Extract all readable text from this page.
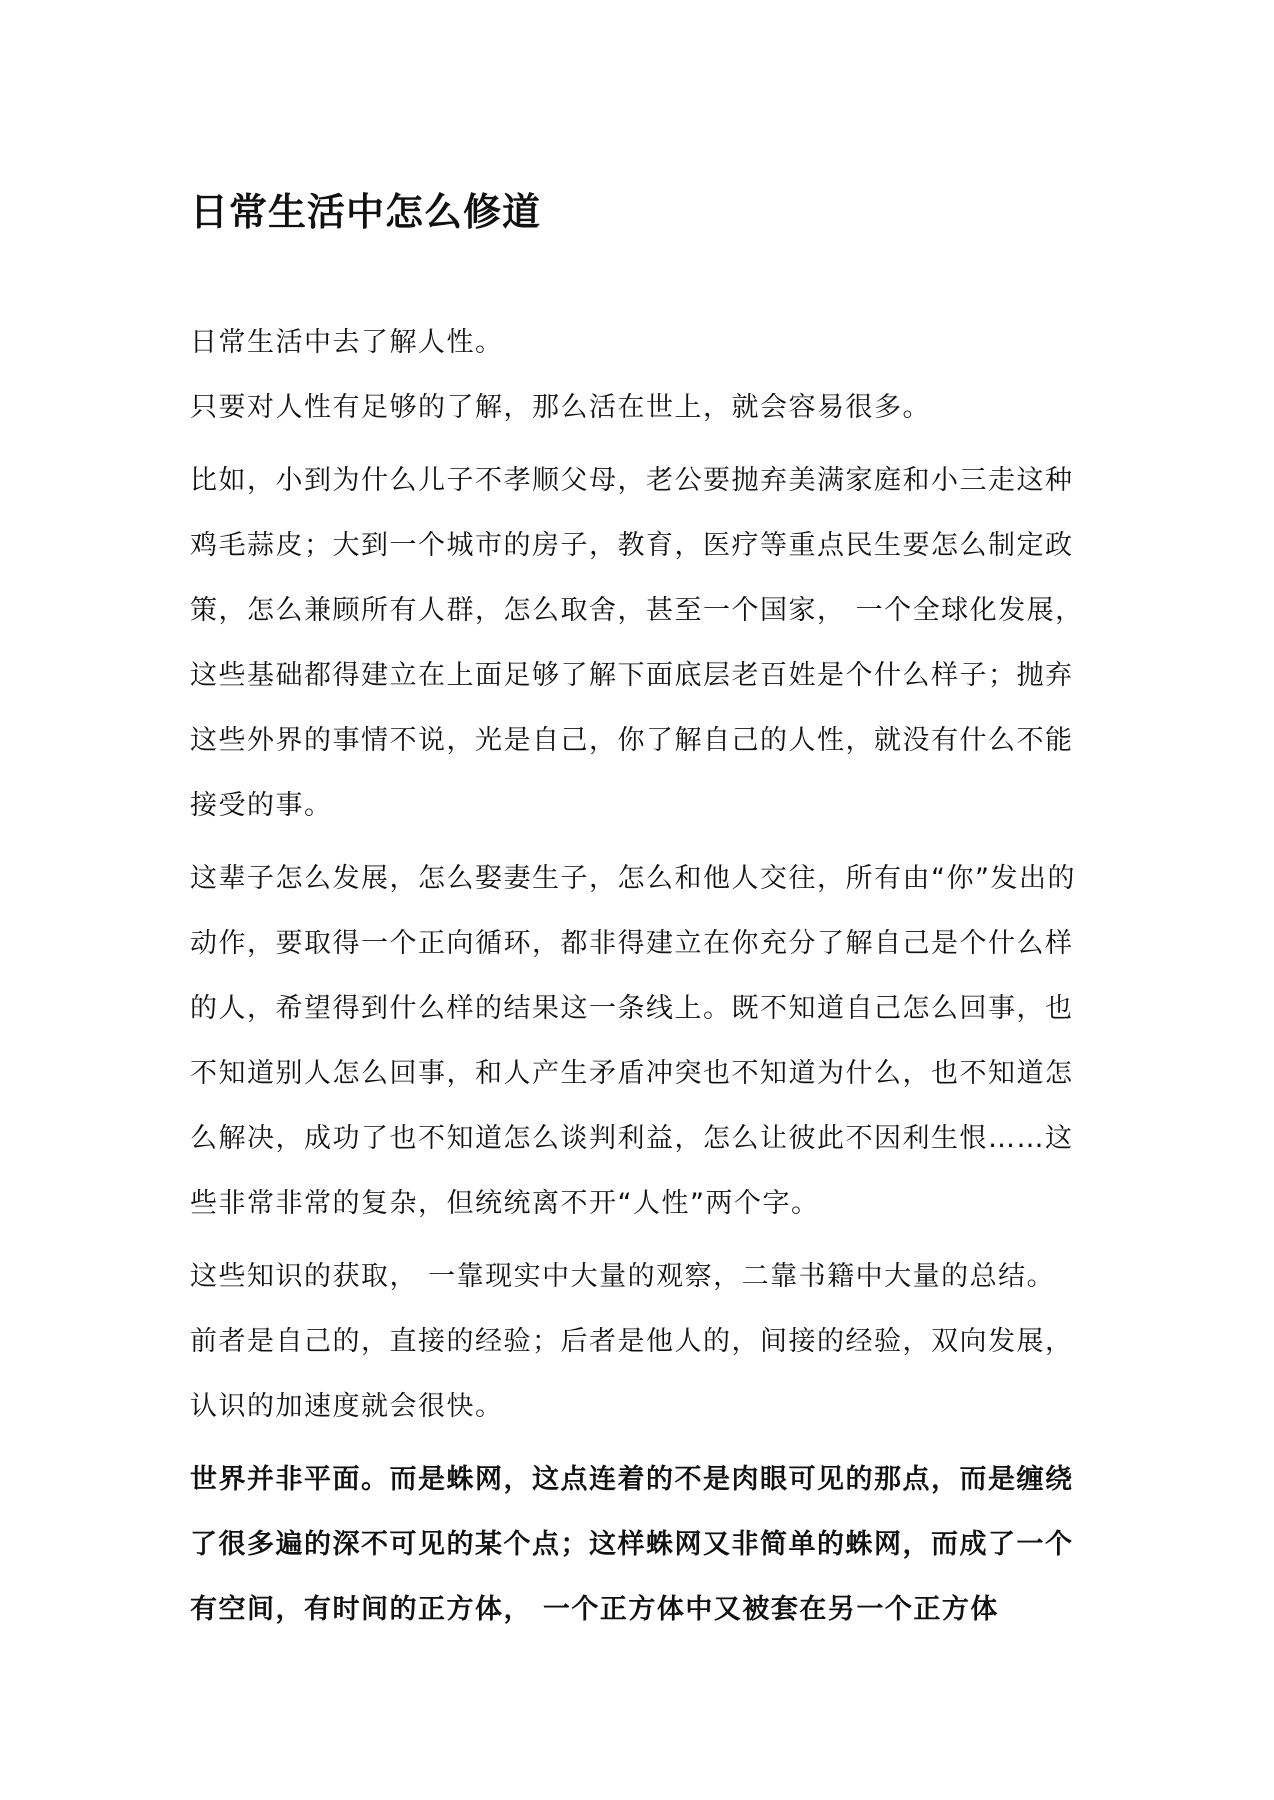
日常生活中怎么修道

日常生活中去了解人性。

只要对人性有足够的了解，那么活在世上，就会容易很多。

比如，小到为什么儿子不孝顺父母，老公要抛弃美满家庭和小三走这种鸡毛蒜皮；大到一个城市的房子，教育，医疗等重点民生要怎么制定政策，怎么兼顾所有人群，怎么取舍，甚至一个国家， 一个全球化发展，这些基础都得建立在上面足够了解下面底层老百姓是个什么样子；抛弃这些外界的事情不说，光是自己，你了解自己的人性，就没有什么不能接受的事。

这辈子怎么发展，怎么娶妻生子，怎么和他人交往，所有由“你”发出的动作，要取得一个正向循环，都非得建立在你充分了解自己是个什么样的人，希望得到什么样的结果这一条线上。既不知道自己怎么回事，也不知道别人怎么回事，和人产生矛盾冲突也不知道为什么，也不知道怎么解决，成功了也不知道怎么谈判利益，怎么让彼此不因利生恨……这些非常非常的复杂，但统统离不开“人性”两个字。

这些知识的获取， 一靠现实中大量的观察，二靠书籍中大量的总结。

前者是自己的，直接的经验；后者是他人的，间接的经验，双向发展，认识的加速度就会很快。

世界并非平面。而是蛛网，这点连着的不是肉眼可见的那点，而是缠绕了很多遍的深不可见的某个点；这样蛛网又非简单的蛛网，而成了一个有空间，有时间的正方体， 一个正方体中又被套在另一个正方体
